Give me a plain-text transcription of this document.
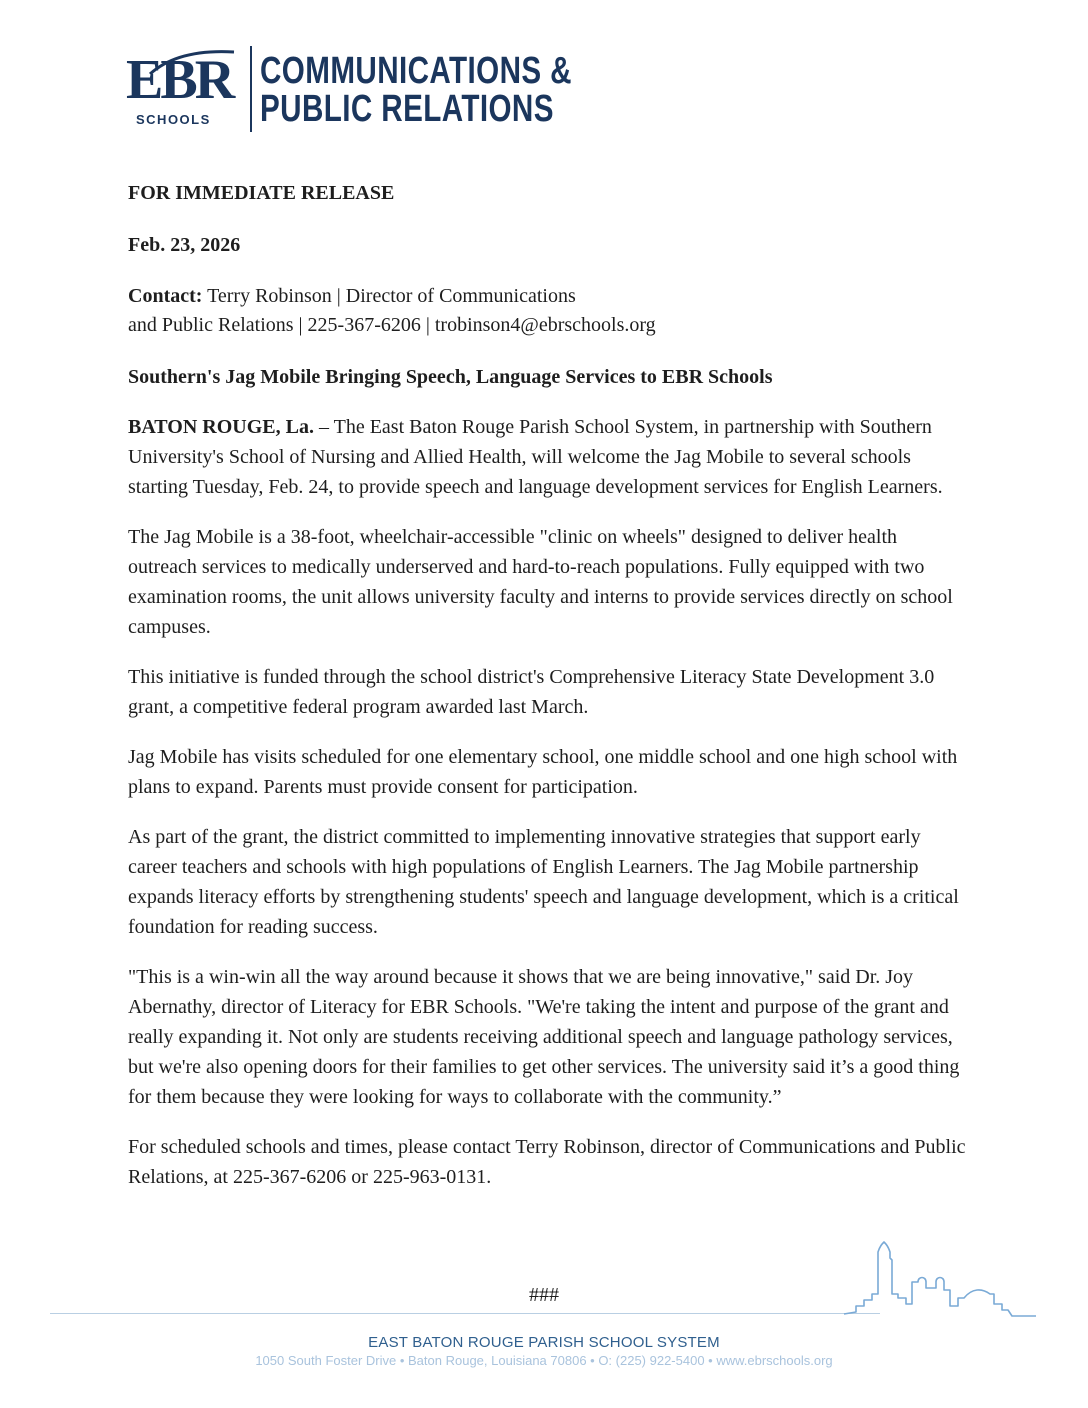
EBR
SCHOOLS
COMMUNICATIONS &
PUBLIC RELATIONS

FOR IMMEDIATE RELEASE

Feb. 23, 2026

Contact: Terry Robinson | Director of Communications
and Public Relations | 225-367-6206 | trobinson4@ebrschools.org

Southern's Jag Mobile Bringing Speech, Language Services to EBR Schools

BATON ROUGE, La. – The East Baton Rouge Parish School System, in partnership with Southern University's School of Nursing and Allied Health, will welcome the Jag Mobile to several schools starting Tuesday, Feb. 24, to provide speech and language development services for English Learners.

The Jag Mobile is a 38-foot, wheelchair-accessible "clinic on wheels" designed to deliver health outreach services to medically underserved and hard-to-reach populations. Fully equipped with two examination rooms, the unit allows university faculty and interns to provide services directly on school campuses.

This initiative is funded through the school district's Comprehensive Literacy State Development 3.0 grant, a competitive federal program awarded last March.

Jag Mobile has visits scheduled for one elementary school, one middle school and one high school with plans to expand. Parents must provide consent for participation.

As part of the grant, the district committed to implementing innovative strategies that support early career teachers and schools with high populations of English Learners. The Jag Mobile partnership expands literacy efforts by strengthening students' speech and language development, which is a critical foundation for reading success.

"This is a win-win all the way around because it shows that we are being innovative," said Dr. Joy Abernathy, director of Literacy for EBR Schools. "We're taking the intent and purpose of the grant and really expanding it. Not only are students receiving additional speech and language pathology services, but we're also opening doors for their families to get other services. The university said it’s a good thing for them because they were looking for ways to collaborate with the community.”

For scheduled schools and times, please contact Terry Robinson, director of Communications and Public Relations, at 225-367-6206 or 225-963-0131.

###
EAST BATON ROUGE PARISH SCHOOL SYSTEM
1050 South Foster Drive • Baton Rouge, Louisiana 70806 • O: (225) 922-5400 • www.ebrschools.org
